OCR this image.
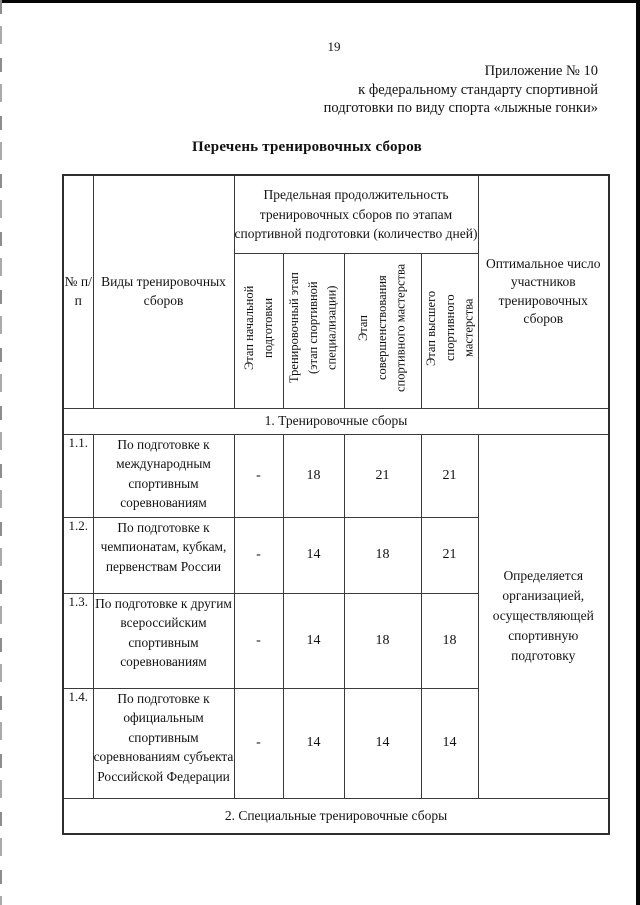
19
Приложение № 10
к федеральному стандарту спортивной
подготовки по виду спорта «лыжные гонки»
Перечень тренировочных сборов
№ п/п	Виды тренировочных сборов	Предельная продолжительность тренировочных сборов по этапам спортивной подготовки (количество дней)				Оптимальное число участников тренировочных сборов
		Этап начальной подготовки	Тренировочный этап (этап спортивной специализации)	Этап совершенствования спортивного мастерства	Этап высшего спортивного мастерства	
1. Тренировочные сборы						
1.1.	По подготовке к международным спортивным соревнованиям	-	18	21	21	Определяется организацией, осуществляющей спортивную подготовку
1.2.	По подготовке к чемпионатам, кубкам, первенствам России	-	14	18	21	
1.3.	По подготовке к другим всероссийским спортивным соревнованиям	-	14	18	18	
1.4.	По подготовке к официальным спортивным соревнованиям субъекта Российской Федерации	-	14	14	14	
2. Специальные тренировочные сборы						
